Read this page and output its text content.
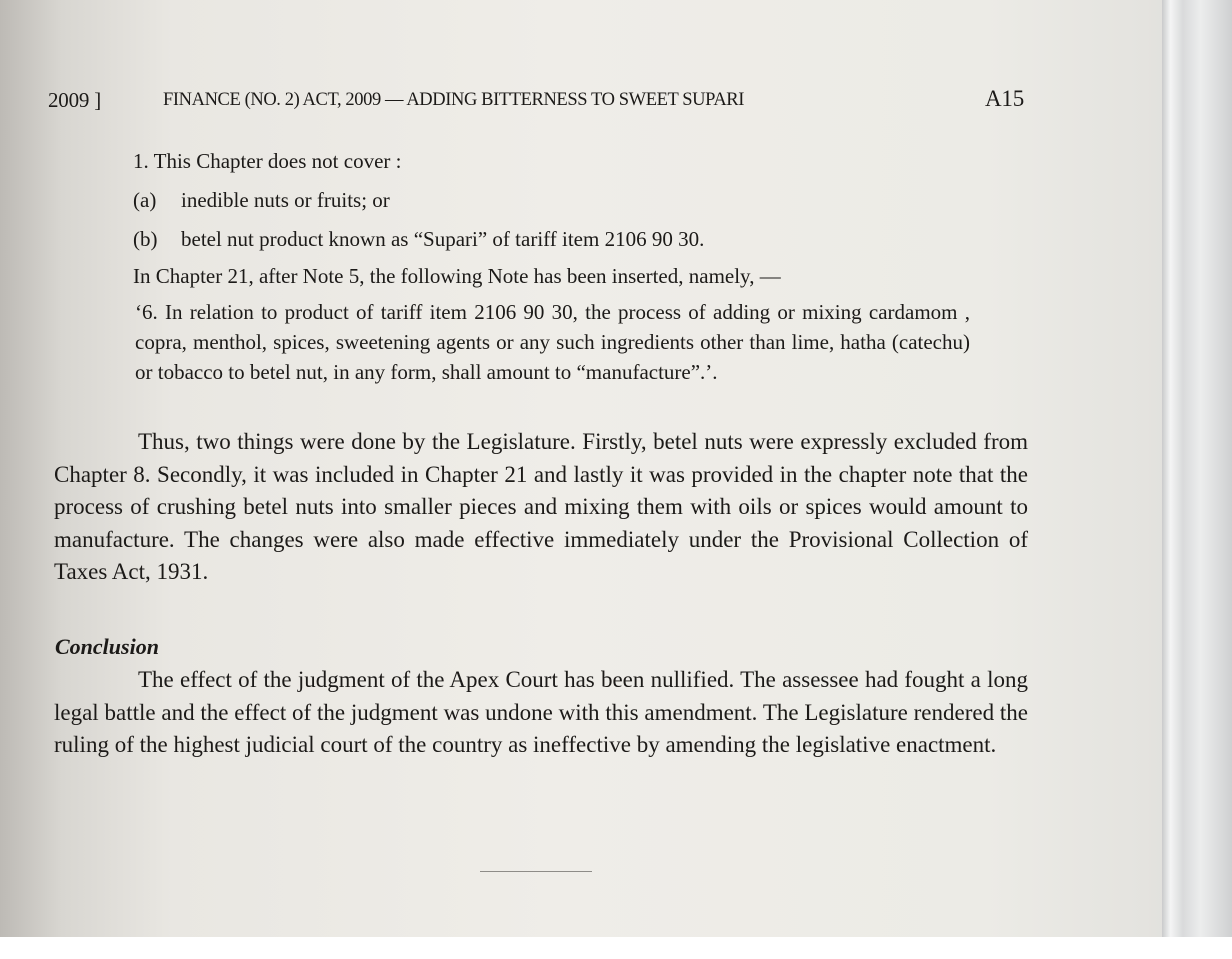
2009 ]	FINANCE (NO. 2) ACT, 2009 — ADDING BITTERNESS TO SWEET SUPARI	A15
1. This Chapter does not cover :
(a) inedible nuts or fruits; or
(b) betel nut product known as “Supari” of tariff item 2106 90 30.
In Chapter 21, after Note 5, the following Note has been inserted, namely, —
‘6. In relation to product of tariff item 2106 90 30, the process of adding or mixing cardamom , copra, menthol, spices, sweetening agents or any such ingredients other than lime, hatha (catechu) or tobacco to betel nut, in any form, shall amount to “manufacture”.’.
Thus, two things were done by the Legislature. Firstly, betel nuts were expressly excluded from Chapter 8. Secondly, it was included in Chapter 21 and lastly it was provided in the chapter note that the process of crushing betel nuts into smaller pieces and mixing them with oils or spices would amount to manufacture. The changes were also made effective immediately under the Provisional Collection of Taxes Act, 1931.
Conclusion
The effect of the judgment of the Apex Court has been nullified. The assessee had fought a long legal battle and the effect of the judgment was undone with this amendment. The Legislature rendered the ruling of the highest judicial court of the country as ineffective by amending the legislative enactment.
